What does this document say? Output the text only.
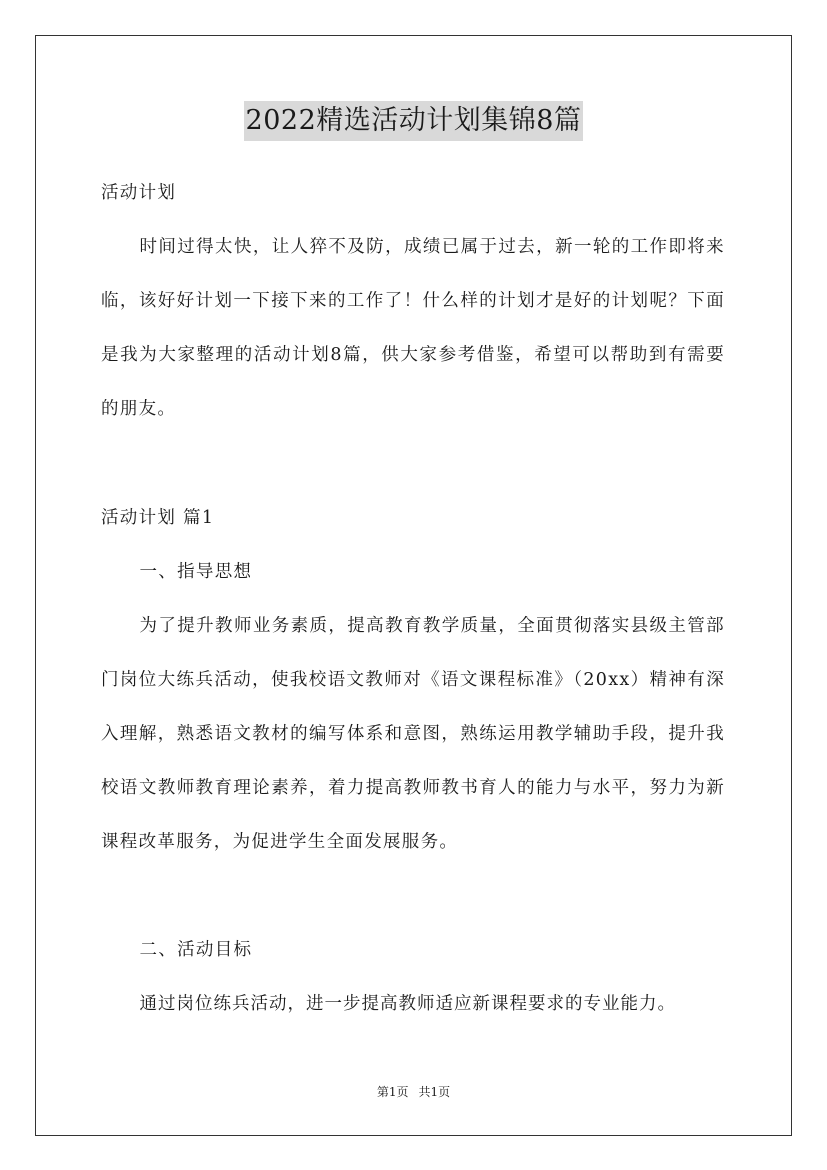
2022精选活动计划集锦8篇

活动计划

时间过得太快，让人猝不及防，成绩已属于过去，新一轮的工作即将来临，该好好计划一下接下来的工作了！什么样的计划才是好的计划呢？下面是我为大家整理的活动计划8篇，供大家参考借鉴，希望可以帮助到有需要的朋友。

活动计划 篇1

一、指导思想

为了提升教师业务素质，提高教育教学质量，全面贯彻落实县级主管部门岗位大练兵活动，使我校语文教师对《语文课程标准》（20xx）精神有深入理解，熟悉语文教材的编写体系和意图，熟练运用教学辅助手段，提升我校语文教师教育理论素养，着力提高教师教书育人的能力与水平，努力为新课程改革服务，为促进学生全面发展服务。

二、活动目标

通过岗位练兵活动，进一步提高教师适应新课程要求的专业能力。

第1页 共1页
